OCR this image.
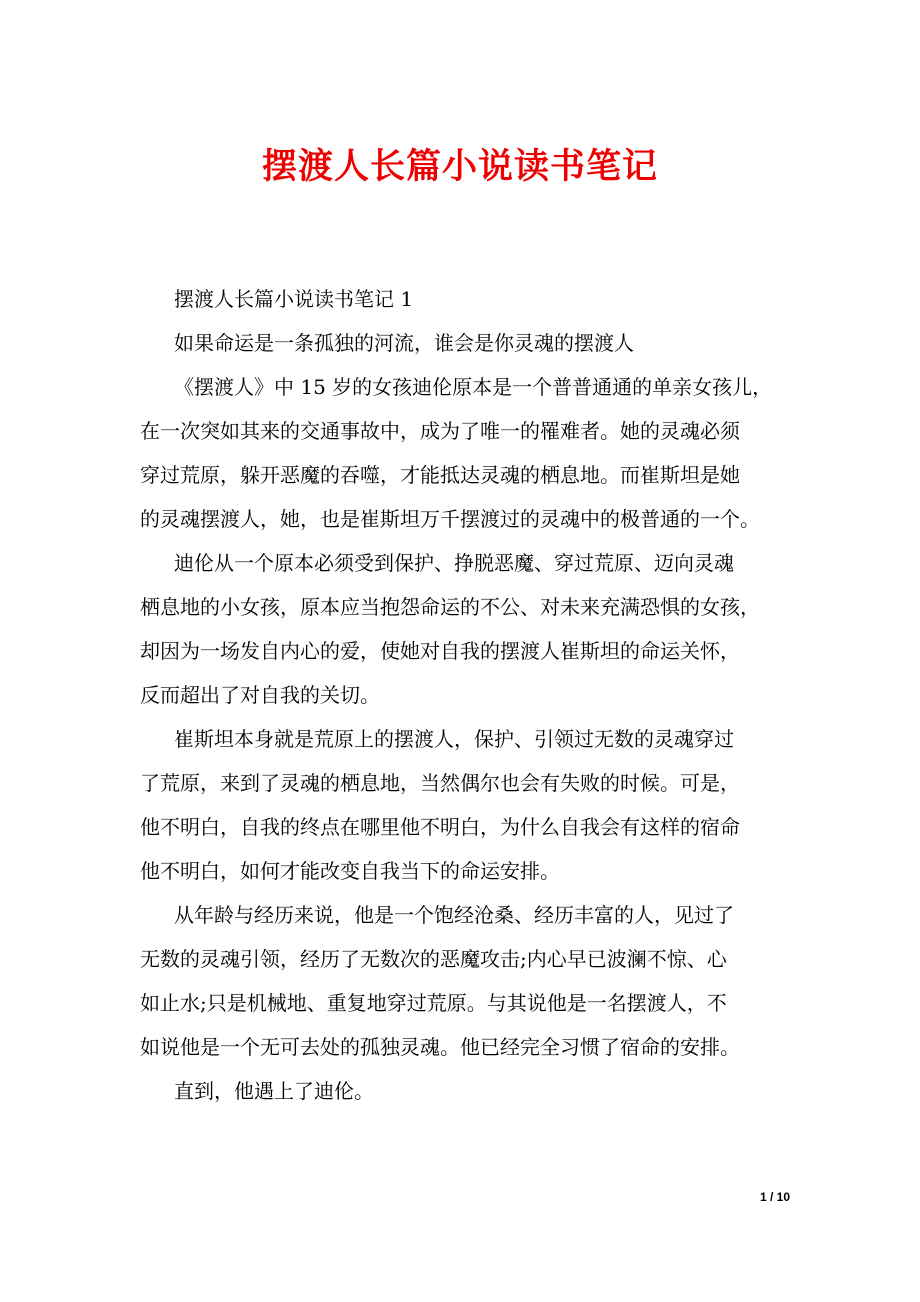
摆渡人长篇小说读书笔记
摆渡人长篇小说读书笔记 1
如果命运是一条孤独的河流，谁会是你灵魂的摆渡人
《摆渡人》中 15 岁的女孩迪伦原本是一个普普通通的单亲女孩儿，
在一次突如其来的交通事故中，成为了唯一的罹难者。她的灵魂必须
穿过荒原，躲开恶魔的吞噬，才能抵达灵魂的栖息地。而崔斯坦是她
的灵魂摆渡人，她，也是崔斯坦万千摆渡过的灵魂中的极普通的一个。
迪伦从一个原本必须受到保护、挣脱恶魔、穿过荒原、迈向灵魂
栖息地的小女孩，原本应当抱怨命运的不公、对未来充满恐惧的女孩，
却因为一场发自内心的爱，使她对自我的摆渡人崔斯坦的命运关怀，
反而超出了对自我的关切。
崔斯坦本身就是荒原上的摆渡人，保护、引领过无数的灵魂穿过
了荒原，来到了灵魂的栖息地，当然偶尔也会有失败的时候。可是，
他不明白，自我的终点在哪里他不明白，为什么自我会有这样的宿命
他不明白，如何才能改变自我当下的命运安排。
从年龄与经历来说，他是一个饱经沧桑、经历丰富的人，见过了
无数的灵魂引领，经历了无数次的恶魔攻击;内心早已波澜不惊、心
如止水;只是机械地、重复地穿过荒原。与其说他是一名摆渡人，不
如说他是一个无可去处的孤独灵魂。他已经完全习惯了宿命的安排。
直到，他遇上了迪伦。
1 / 10
